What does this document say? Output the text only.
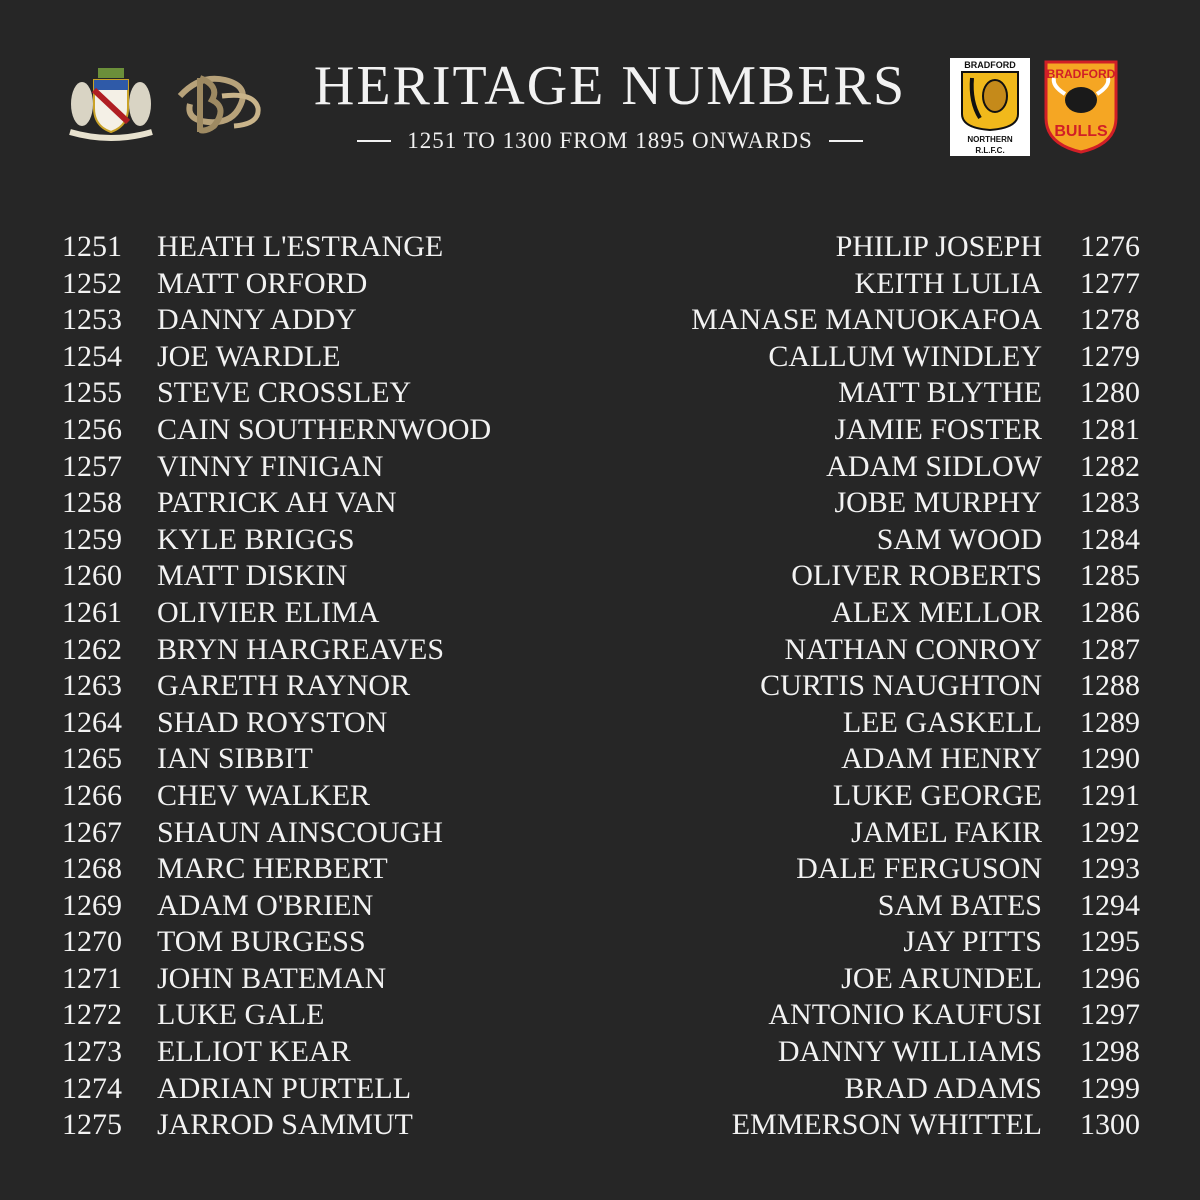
HERITAGE NUMBERS
1251 TO 1300 FROM 1895 ONWARDS
BRADFORD
NORTHERN
R.L.F.C.
BRADFORD
BULLS
1251 HEATH L'ESTRANGE
1252 MATT ORFORD
1253 DANNY ADDY
1254 JOE WARDLE
1255 STEVE CROSSLEY
1256 CAIN SOUTHERNWOOD
1257 VINNY FINIGAN
1258 PATRICK AH VAN
1259 KYLE BRIGGS
1260 MATT DISKIN
1261 OLIVIER ELIMA
1262 BRYN HARGREAVES
1263 GARETH RAYNOR
1264 SHAD ROYSTON
1265 IAN SIBBIT
1266 CHEV WALKER
1267 SHAUN AINSCOUGH
1268 MARC HERBERT
1269 ADAM O'BRIEN
1270 TOM BURGESS
1271 JOHN BATEMAN
1272 LUKE GALE
1273 ELLIOT KEAR
1274 ADRIAN PURTELL
1275 JARROD SAMMUT
PHILIP JOSEPH 1276
KEITH LULIA 1277
MANASE MANUOKAFOA 1278
CALLUM WINDLEY 1279
MATT BLYTHE 1280
JAMIE FOSTER 1281
ADAM SIDLOW 1282
JOBE MURPHY 1283
SAM WOOD 1284
OLIVER ROBERTS 1285
ALEX MELLOR 1286
NATHAN CONROY 1287
CURTIS NAUGHTON 1288
LEE GASKELL 1289
ADAM HENRY 1290
LUKE GEORGE 1291
JAMEL FAKIR 1292
DALE FERGUSON 1293
SAM BATES 1294
JAY PITTS 1295
JOE ARUNDEL 1296
ANTONIO KAUFUSI 1297
DANNY WILLIAMS 1298
BRAD ADAMS 1299
EMMERSON WHITTEL 1300
